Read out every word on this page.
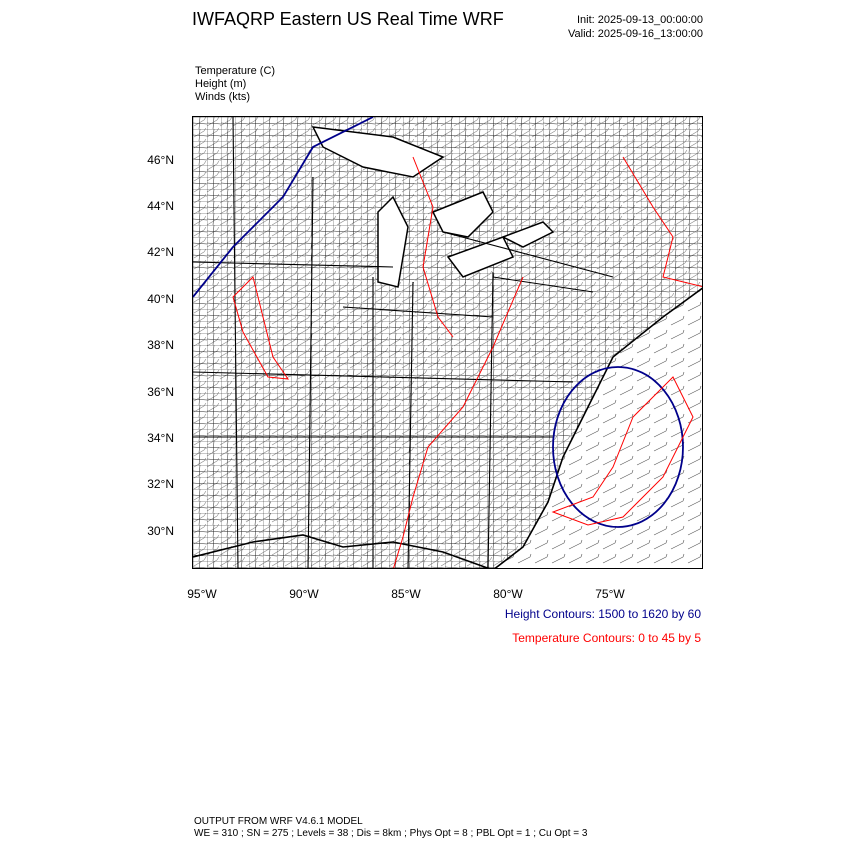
IWFAQRP Eastern US Real Time WRF	Init: 2025-09-13_00:00:00
Valid: 2025-09-16_13:00:00
Temperature (C)
Height (m)
Winds (kts)
46°N
44°N
42°N
40°N
38°N
36°N
34°N
32°N
30°N
95°W	90°W	85°W	80°W	75°W
Height Contours: 1500 to 1620 by 60
Temperature Contours: 0 to 45 by 5
OUTPUT FROM WRF V4.6.1 MODEL
WE = 310 ; SN = 275 ; Levels = 38 ; Dis = 8km ; Phys Opt = 8 ; PBL Opt = 1 ; Cu Opt = 3
